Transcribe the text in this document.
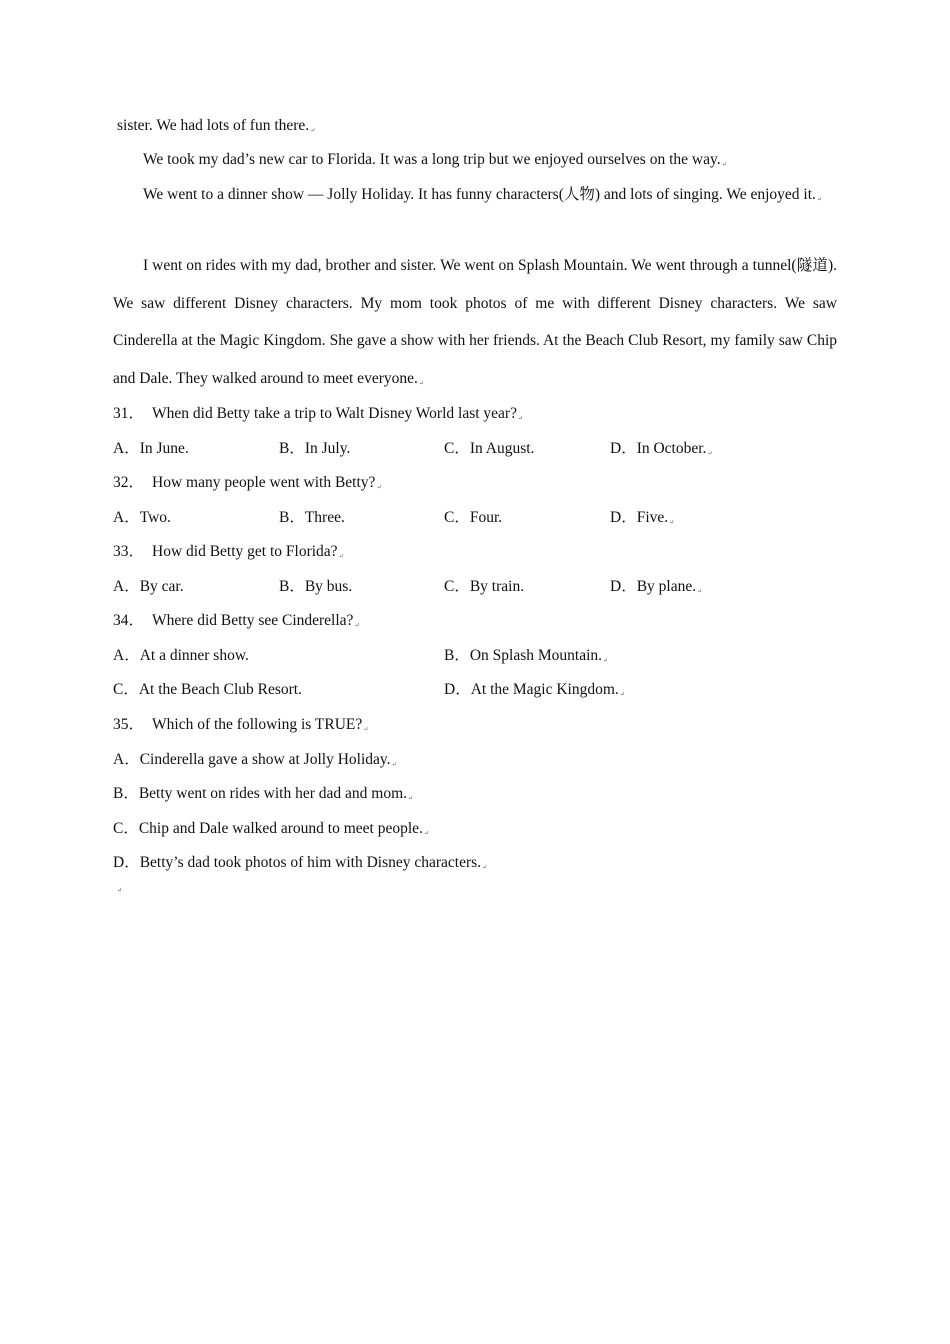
sister. We had lots of fun there.↵
We took my dad’s new car to Florida. It was a long trip but we enjoyed ourselves on the way.↵
We went to a dinner show — Jolly Holiday. It has funny characters(人物) and lots of singing. We enjoyed it.↵
I went on rides with my dad, brother and sister. We went on Splash Mountain. We went through a tunnel(隧道). We saw different Disney characters. My mom took photos of me with different Disney characters. We saw Cinderella at the Magic Kingdom. She gave a show with her friends. At the Beach Club Resort, my family saw Chip and Dale. They walked around to meet everyone.↵
31． When did Betty take a trip to Walt Disney World last year?↵
A．In June.	B．In July.	C．In August.	D．In October.↵
32． How many people went with Betty?↵
A．Two.	B．Three.	C．Four.	D．Five.↵
33． How did Betty get to Florida?↵
A．By car.	B．By bus.	C．By train.	D．By plane.↵
34． Where did Betty see Cinderella?↵
A．At a dinner show.	B．On Splash Mountain.↵
C．At the Beach Club Resort.	D．At the Magic Kingdom.↵
35． Which of the following is TRUE?↵
A．Cinderella gave a show at Jolly Holiday.↵
B．Betty went on rides with her dad and mom.↵
C．Chip and Dale walked around to meet people.↵
D．Betty’s dad took photos of him with Disney characters.↵
↵
